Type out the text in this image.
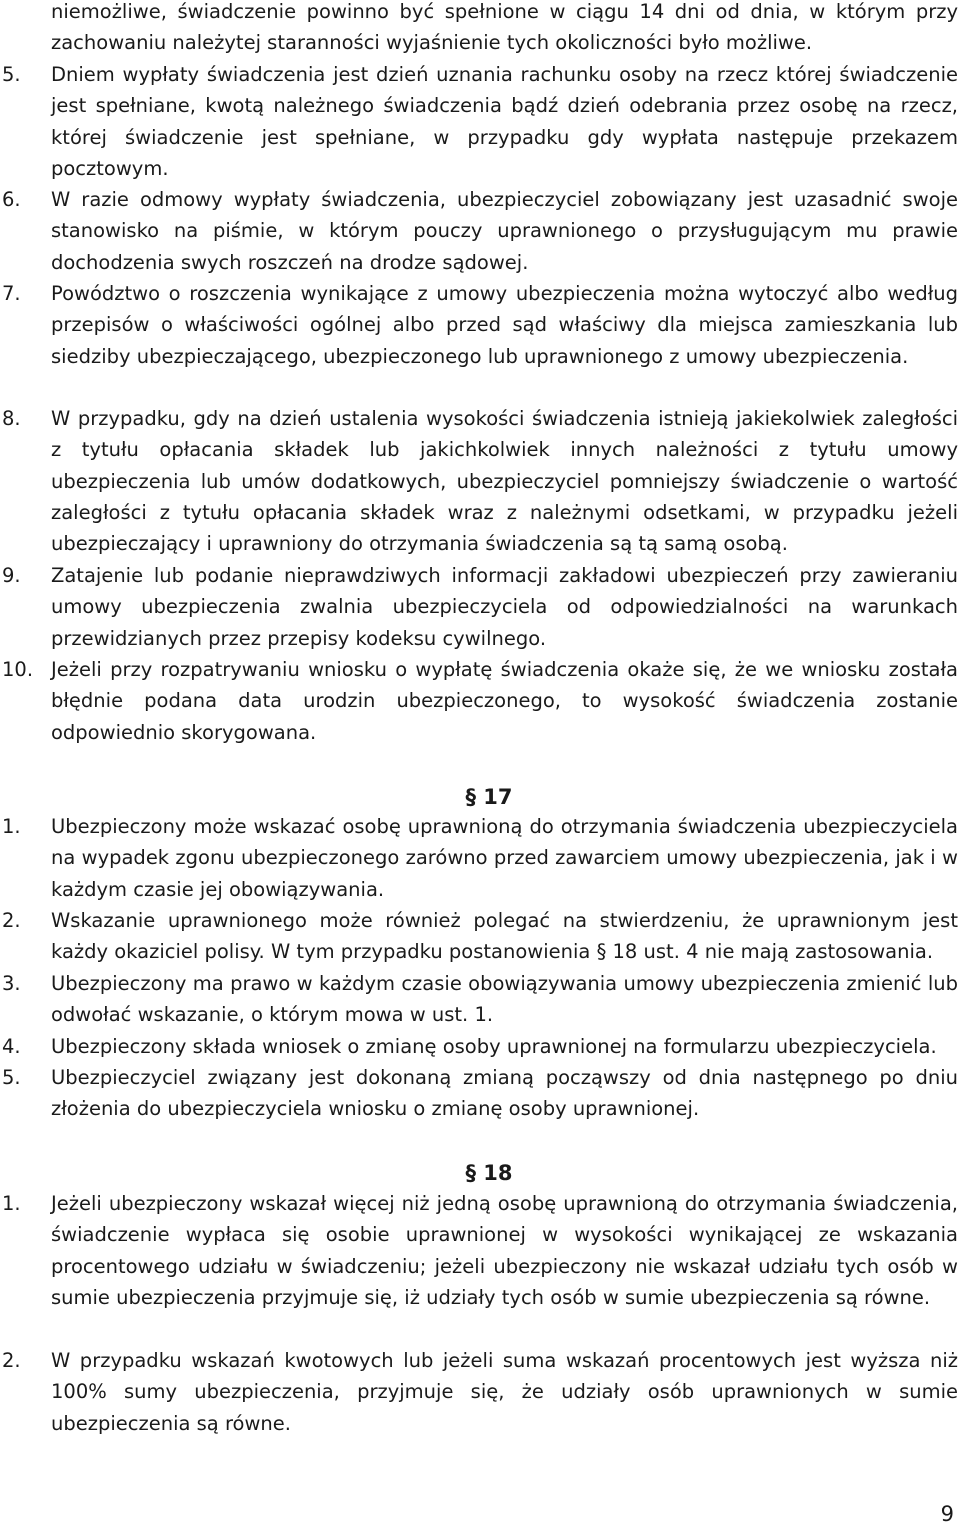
niemożliwe, świadczenie powinno być spełnione w ciągu 14 dni od dnia, w którym przy zachowaniu należytej staranności wyjaśnienie tych okoliczności było możliwe.
5. Dniem wypłaty świadczenia jest dzień uznania rachunku osoby na rzecz której świadczenie jest spełniane, kwotą należnego świadczenia bądź dzień odebrania przez osobę na rzecz, której świadczenie jest spełniane, w przypadku gdy wypłata następuje przekazem pocztowym.
6. W razie odmowy wypłaty świadczenia, ubezpieczyciel zobowiązany jest uzasadnić swoje stanowisko na piśmie, w którym pouczy uprawnionego o przysługującym mu prawie dochodzenia swych roszczeń na drodze sądowej.
7. Powództwo o roszczenia wynikające z umowy ubezpieczenia można wytoczyć albo według przepisów o właściwości ogólnej albo przed sąd właściwy dla miejsca zamieszkania lub siedziby ubezpieczającego, ubezpieczonego lub uprawnionego z umowy ubezpieczenia.
8. W przypadku, gdy na dzień ustalenia wysokości świadczenia istnieją jakiekolwiek zaległości z tytułu opłacania składek lub jakichkolwiek innych należności z tytułu umowy ubezpieczenia lub umów dodatkowych, ubezpieczyciel pomniejszy świadczenie o wartość zaległości z tytułu opłacania składek wraz z należnymi odsetkami, w przypadku jeżeli ubezpieczający i uprawniony do otrzymania świadczenia są tą samą osobą.
9. Zatajenie lub podanie nieprawdziwych informacji zakładowi ubezpieczeń przy zawieraniu umowy ubezpieczenia zwalnia ubezpieczyciela od odpowiedzialności na warunkach przewidzianych przez przepisy kodeksu cywilnego.
10. Jeżeli przy rozpatrywaniu wniosku o wypłatę świadczenia okaże się, że we wniosku została błędnie podana data urodzin ubezpieczonego, to wysokość świadczenia zostanie odpowiednio skorygowana.
§ 17
1. Ubezpieczony może wskazać osobę uprawnioną do otrzymania świadczenia ubezpieczyciela na wypadek zgonu ubezpieczonego zarówno przed zawarciem umowy ubezpieczenia, jak i w każdym czasie jej obowiązywania.
2. Wskazanie uprawnionego może również polegać na stwierdzeniu, że uprawnionym jest każdy okaziciel polisy. W tym przypadku postanowienia § 18 ust. 4 nie mają zastosowania.
3. Ubezpieczony ma prawo w każdym czasie obowiązywania umowy ubezpieczenia zmienić lub odwołać wskazanie, o którym mowa w ust. 1.
4. Ubezpieczony składa wniosek o zmianę osoby uprawnionej na formularzu ubezpieczyciela.
5. Ubezpieczyciel związany jest dokonaną zmianą począwszy od dnia następnego po dniu złożenia do ubezpieczyciela wniosku o zmianę osoby uprawnionej.
§ 18
1. Jeżeli ubezpieczony wskazał więcej niż jedną osobę uprawnioną do otrzymania świadczenia, świadczenie wypłaca się osobie uprawnionej w wysokości wynikającej ze wskazania procentowego udziału w świadczeniu; jeżeli ubezpieczony nie wskazał udziału tych osób w sumie ubezpieczenia przyjmuje się, iż udziały tych osób w sumie ubezpieczenia są równe.
2. W przypadku wskazań kwotowych lub jeżeli suma wskazań procentowych jest wyższa niż 100% sumy ubezpieczenia, przyjmuje się, że udziały osób uprawnionych w sumie ubezpieczenia są równe.
9
